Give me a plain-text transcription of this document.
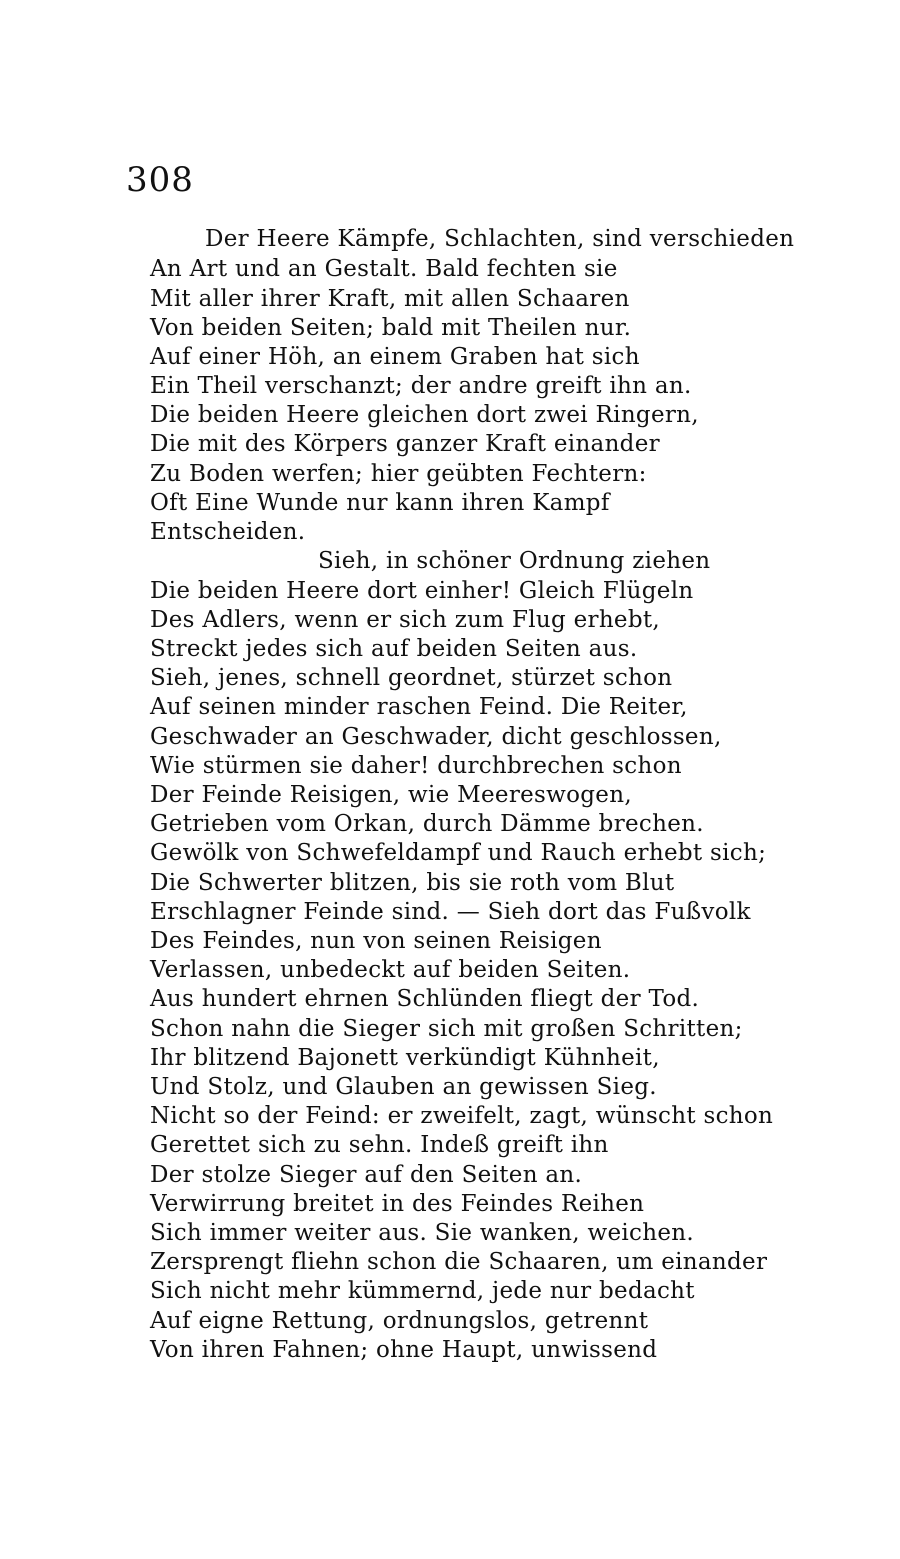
308
Der Heere Kämpfe, Schlachten, sind verschieden
An Art und an Gestalt. Bald fechten sie
Mit aller ihrer Kraft, mit allen Schaaren
Von beiden Seiten; bald mit Theilen nur.
Auf einer Höh, an einem Graben hat sich
Ein Theil verschanzt; der andre greift ihn an.
Die beiden Heere gleichen dort zwei Ringern,
Die mit des Körpers ganzer Kraft einander
Zu Boden werfen; hier geübten Fechtern:
Oft Eine Wunde nur kann ihren Kampf
Entscheiden.
Sieh, in schöner Ordnung ziehen
Die beiden Heere dort einher! Gleich Flügeln
Des Adlers, wenn er sich zum Flug erhebt,
Streckt jedes sich auf beiden Seiten aus.
Sieh, jenes, schnell geordnet, stürzet schon
Auf seinen minder raschen Feind. Die Reiter,
Geschwader an Geschwader, dicht geschlossen,
Wie stürmen sie daher! durchbrechen schon
Der Feinde Reisigen, wie Meereswogen,
Getrieben vom Orkan, durch Dämme brechen.
Gewölk von Schwefeldampf und Rauch erhebt sich;
Die Schwerter blitzen, bis sie roth vom Blut
Erschlagner Feinde sind. — Sieh dort das Fußvolk
Des Feindes, nun von seinen Reisigen
Verlassen, unbedeckt auf beiden Seiten.
Aus hundert ehrnen Schlünden fliegt der Tod.
Schon nahn die Sieger sich mit großen Schritten;
Ihr blitzend Bajonett verkündigt Kühnheit,
Und Stolz, und Glauben an gewissen Sieg.
Nicht so der Feind: er zweifelt, zagt, wünscht schon
Gerettet sich zu sehn. Indeß greift ihn
Der stolze Sieger auf den Seiten an.
Verwirrung breitet in des Feindes Reihen
Sich immer weiter aus. Sie wanken, weichen.
Zersprengt fliehn schon die Schaaren, um einander
Sich nicht mehr kümmernd, jede nur bedacht
Auf eigne Rettung, ordnungslos, getrennt
Von ihren Fahnen; ohne Haupt, unwissend
